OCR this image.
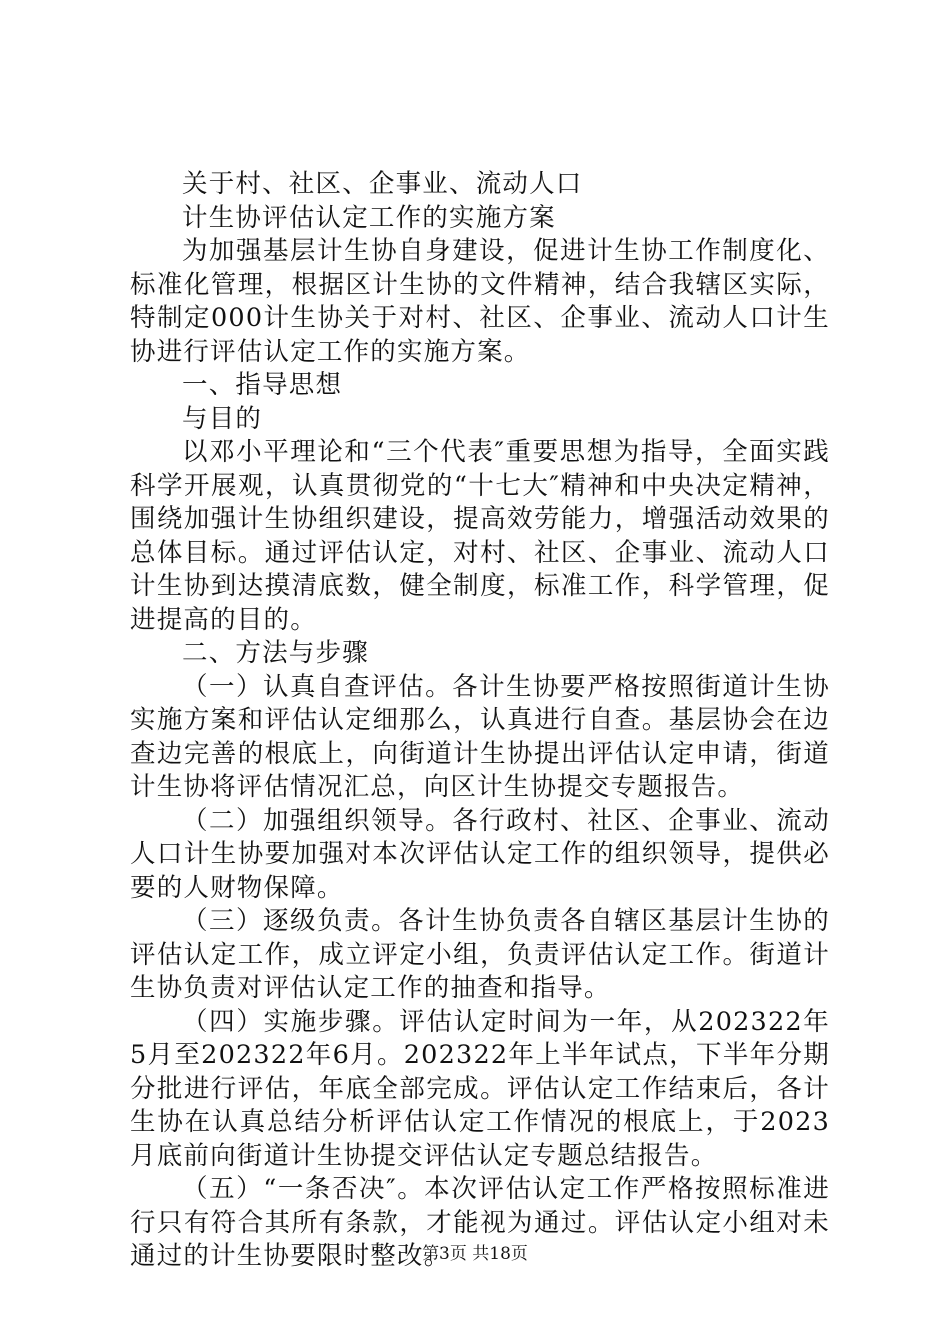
关于村、社区、企事业、流动人口

计生协评估认定工作的实施方案

为加强基层计生协自身建设，促进计生协工作制度化、标准化管理，根据区计生协的文件精神，结合我辖区实际，特制定000计生协关于对村、社区、企事业、流动人口计生协进行评估认定工作的实施方案。

一、指导思想

与目的

以邓小平理论和“三个代表″重要思想为指导，全面实践科学开展观，认真贯彻党的“十七大″精神和中央决定精神，围绕加强计生协组织建设，提高效劳能力，增强活动效果的总体目标。通过评估认定，对村、社区、企事业、流动人口计生协到达摸清底数，健全制度，标准工作，科学管理，促进提高的目的。

二、方法与步骤

（一）认真自查评估。各计生协要严格按照街道计生协实施方案和评估认定细那么，认真进行自查。基层协会在边查边完善的根底上，向街道计生协提出评估认定申请，街道计生协将评估情况汇总，向区计生协提交专题报告。

（二）加强组织领导。各行政村、社区、企事业、流动人口计生协要加强对本次评估认定工作的组织领导，提供必要的人财物保障。

（三）逐级负责。各计生协负责各自辖区基层计生协的评估认定工作，成立评定小组，负责评估认定工作。街道计生协负责对评估认定工作的抽查和指导。

（四）实施步骤。评估认定时间为一年，从202322年5月至202322年6月。202322年上半年试点，下半年分期分批进行评估，年底全部完成。评估认定工作结束后，各计生协在认真总结分析评估认定工作情况的根底上，于2023月底前向街道计生协提交评估认定专题总结报告。

（五）“一条否决″。本次评估认定工作严格按照标准进行只有符合其所有条款，才能视为通过。评估认定小组对未通过的计生协要限时整改。

第3页 共18页
